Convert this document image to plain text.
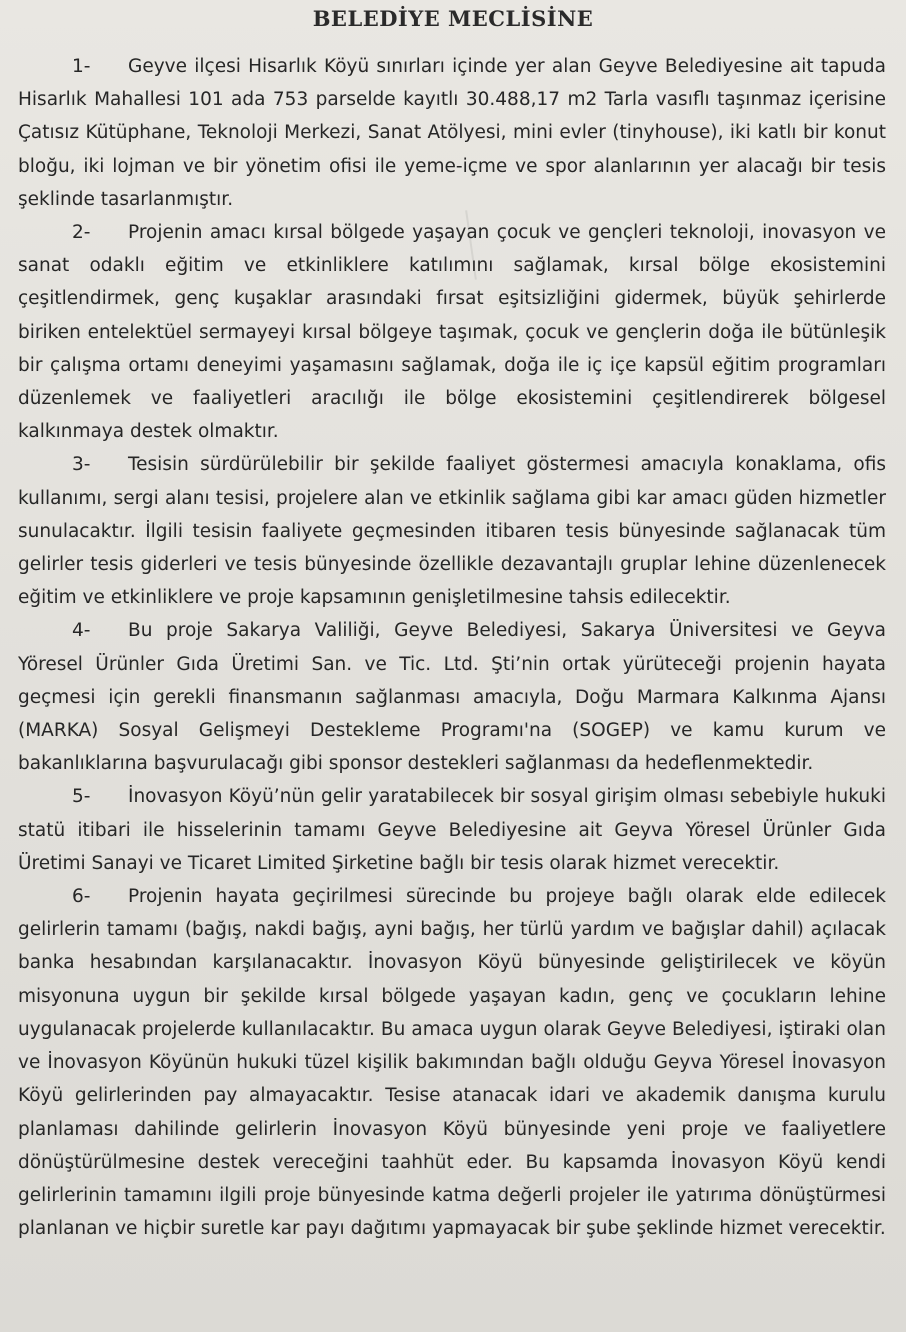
BELEDİYE MECLİSİNE

1- Geyve ilçesi Hisarlık Köyü sınırları içinde yer alan Geyve Belediyesine ait tapuda Hisarlık Mahallesi 101 ada 753 parselde kayıtlı 30.488,17 m2 Tarla vasıflı taşınmaz içerisine Çatısız Kütüphane, Teknoloji Merkezi, Sanat Atölyesi, mini evler (tinyhouse), iki katlı bir konut bloğu, iki lojman ve bir yönetim ofisi ile yeme-içme ve spor alanlarının yer alacağı bir tesis şeklinde tasarlanmıştır.

2- Projenin amacı kırsal bölgede yaşayan çocuk ve gençleri teknoloji, inovasyon ve sanat odaklı eğitim ve etkinliklere katılımını sağlamak, kırsal bölge ekosistemini çeşitlendirmek, genç kuşaklar arasındaki fırsat eşitsizliğini gidermek, büyük şehirlerde biriken entelektüel sermayeyi kırsal bölgeye taşımak, çocuk ve gençlerin doğa ile bütünleşik bir çalışma ortamı deneyimi yaşamasını sağlamak, doğa ile iç içe kapsül eğitim programları düzenlemek ve faaliyetleri aracılığı ile bölge ekosistemini çeşitlendirerek bölgesel kalkınmaya destek olmaktır.

3- Tesisin sürdürülebilir bir şekilde faaliyet göstermesi amacıyla konaklama, ofis kullanımı, sergi alanı tesisi, projelere alan ve etkinlik sağlama gibi kar amacı güden hizmetler sunulacaktır. İlgili tesisin faaliyete geçmesinden itibaren tesis bünyesinde sağlanacak tüm gelirler tesis giderleri ve tesis bünyesinde özellikle dezavantajlı gruplar lehine düzenlenecek eğitim ve etkinliklere ve proje kapsamının genişletilmesine tahsis edilecektir.

4- Bu proje Sakarya Valiliği, Geyve Belediyesi, Sakarya Üniversitesi ve Geyva Yöresel Ürünler Gıda Üretimi San. ve Tic. Ltd. Şti’nin ortak yürüteceği projenin hayata geçmesi için gerekli finansmanın sağlanması amacıyla, Doğu Marmara Kalkınma Ajansı (MARKA) Sosyal Gelişmeyi Destekleme Programı'na (SOGEP) ve kamu kurum ve bakanlıklarına başvurulacağı gibi sponsor destekleri sağlanması da hedeflenmektedir.

5- İnovasyon Köyü’nün gelir yaratabilecek bir sosyal girişim olması sebebiyle hukuki statü itibari ile hisselerinin tamamı Geyve Belediyesine ait Geyva Yöresel Ürünler Gıda Üretimi Sanayi ve Ticaret Limited Şirketine bağlı bir tesis olarak hizmet verecektir.

6- Projenin hayata geçirilmesi sürecinde bu projeye bağlı olarak elde edilecek gelirlerin tamamı (bağış, nakdi bağış, ayni bağış, her türlü yardım ve bağışlar dahil) açılacak banka hesabından karşılanacaktır. İnovasyon Köyü bünyesinde geliştirilecek ve köyün misyonuna uygun bir şekilde kırsal bölgede yaşayan kadın, genç ve çocukların lehine uygulanacak projelerde kullanılacaktır. Bu amaca uygun olarak Geyve Belediyesi, iştiraki olan ve İnovasyon Köyünün hukuki tüzel kişilik bakımından bağlı olduğu Geyva Yöresel İnovasyon Köyü gelirlerinden pay almayacaktır. Tesise atanacak idari ve akademik danışma kurulu planlaması dahilinde gelirlerin İnovasyon Köyü bünyesinde yeni proje ve faaliyetlere dönüştürülmesine destek vereceğini taahhüt eder. Bu kapsamda İnovasyon Köyü kendi gelirlerinin tamamını ilgili proje bünyesinde katma değerli projeler ile yatırıma dönüştürmesi planlanan ve hiçbir suretle kar payı dağıtımı yapmayacak bir şube şeklinde hizmet verecektir.
